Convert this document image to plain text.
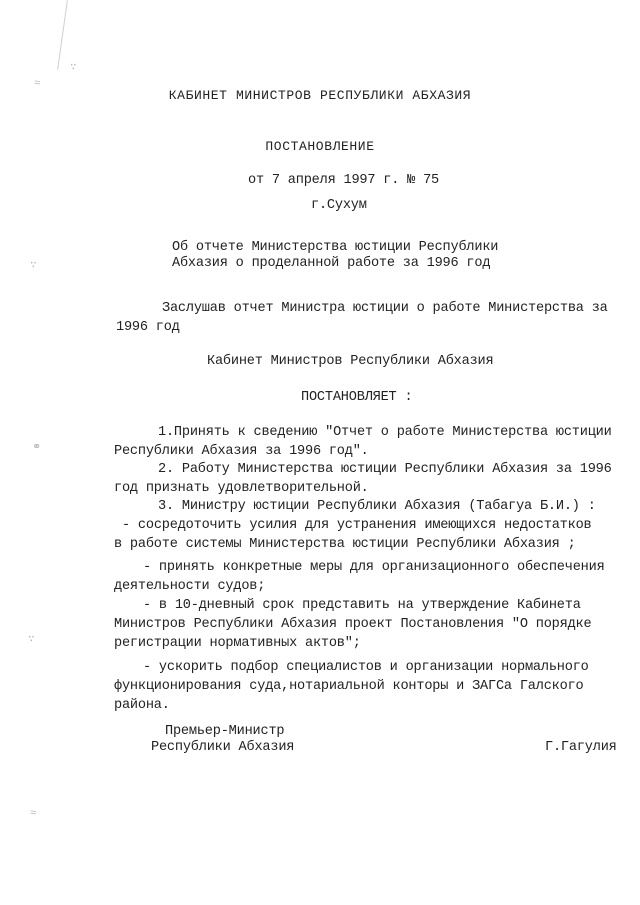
≈
∵
∵
⚭
∵
≈
КАБИНЕТ МИНИСТРОВ РЕСПУБЛИКИ АБХАЗИЯ
ПОСТАНОВЛЕНИЕ
от 7 апреля 1997 г. № 75
г.Сухум
Об отчете Министерства юстиции Республики
Абхазия о проделанной работе за 1996 год
Заслушав отчет Министра юстиции о работе Министерства за
1996 год
Кабинет Министров Республики Абхазия
ПОСТАНОВЛЯЕТ :
1.Принять к сведению "Отчет о работе Министерства юстиции
Республики Абхазия за 1996 год".
2. Работу Министерства юстиции Республики Абхазия за 1996
год признать удовлетворительной.
3. Министру юстиции Республики Абхазия (Табагуа Б.И.) :
- сосредоточить усилия для устранения имеющихся недостатков
в работе системы Министерства юстиции Республики Абхазия ;
- принять конкретные меры для организационного обеспечения
деятельности судов;
- в 10-дневный срок представить на утверждение Кабинета
Министров Республики Абхазия проект Постановления "О порядке
регистрации нормативных актов";
- ускорить подбор специалистов и организации нормального
функционирования суда,нотариальной конторы и ЗАГСа Галского
района.
Премьер-Министр
Республики Абхазия	Г.Гагулия
